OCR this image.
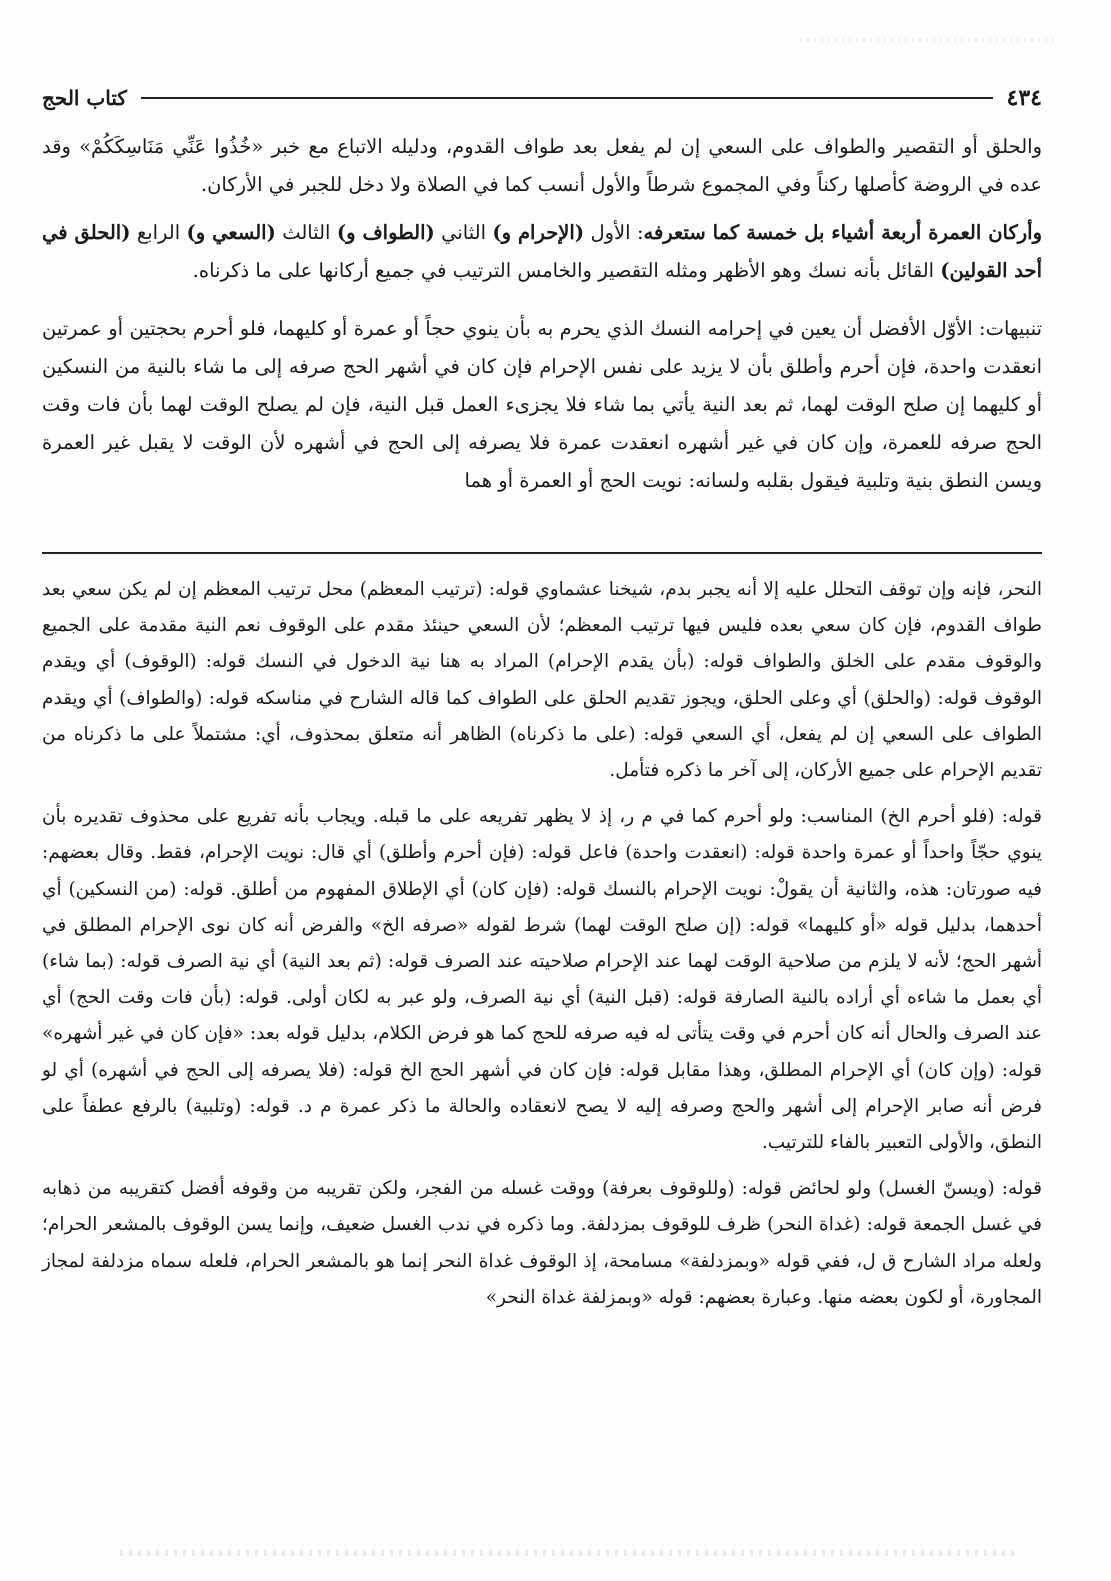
٤٣٤
كتاب الحج

والحلق أو التقصير والطواف على السعي إن لم يفعل بعد طواف القدوم، ودليله الاتباع مع خبر «خُذُوا عَنِّي مَنَاسِكَكُمْ» وقد عده في الروضة كأصلها ركناً وفي المجموع شرطاً والأول أنسب كما في الصلاة ولا دخل للجبر في الأركان.

وأركان العمرة أربعة أشياء بل خمسة كما ستعرفه: الأول (الإحرام و) الثاني (الطواف و) الثالث (السعي و) الرابع (الحلق في أحد القولين) القائل بأنه نسك وهو الأظهر ومثله التقصير والخامس الترتيب في جميع أركانها على ما ذكرناه.

تنبيهات: الأوّل الأفضل أن يعين في إحرامه النسك الذي يحرم به بأن ينوي حجاً أو عمرة أو كليهما، فلو أحرم بحجتين أو عمرتين انعقدت واحدة، فإن أحرم وأطلق بأن لا يزيد على نفس الإحرام فإن كان في أشهر الحج صرفه إلى ما شاء بالنية من النسكين أو كليهما إن صلح الوقت لهما، ثم بعد النية يأتي بما شاء فلا يجزىء العمل قبل النية، فإن لم يصلح الوقت لهما بأن فات وقت الحج صرفه للعمرة، وإن كان في غير أشهره انعقدت عمرة فلا يصرفه إلى الحج في أشهره لأن الوقت لا يقبل غير العمرة ويسن النطق بنية وتلبية فيقول بقلبه ولسانه: نويت الحج أو العمرة أو هما

النحر، فإنه وإن توقف التحلل عليه إلا أنه يجبر بدم، شيخنا عشماوي قوله: (ترتيب المعظم) محل ترتيب المعظم إن لم يكن سعي بعد طواف القدوم، فإن كان سعي بعده فليس فيها ترتيب المعظم؛ لأن السعي حينئذ مقدم على الوقوف نعم النية مقدمة على الجميع والوقوف مقدم على الخلق والطواف قوله: (بأن يقدم الإحرام) المراد به هنا نية الدخول في النسك قوله: (الوقوف) أي ويقدم الوقوف قوله: (والحلق) أي وعلى الحلق، ويجوز تقديم الحلق على الطواف كما قاله الشارح في مناسكه قوله: (والطواف) أي ويقدم الطواف على السعي إن لم يفعل، أي السعي قوله: (على ما ذكرناه) الظاهر أنه متعلق بمحذوف، أي: مشتملاً على ما ذكرناه من تقديم الإحرام على جميع الأركان، إلى آخر ما ذكره فتأمل.

قوله: (فلو أحرم الخ) المناسب: ولو أحرم كما في م ر، إذ لا يظهر تفريعه على ما قبله. ويجاب بأنه تفريع على محذوف تقديره بأن ينوي حجّاً واحداً أو عمرة واحدة قوله: (انعقدت واحدة) فاعل قوله: (فإن أحرم وأطلق) أي قال: نويت الإحرام، فقط. وقال بعضهم: فيه صورتان: هذه، والثانية أن يقولْ: نويت الإحرام بالنسك قوله: (فإن كان) أي الإطلاق المفهوم من أطلق. قوله: (من النسكين) أي أحدهما، بدليل قوله «أو كليهما» قوله: (إن صلح الوقت لهما) شرط لقوله «صرفه الخ» والفرض أنه كان نوى الإحرام المطلق في أشهر الحج؛ لأنه لا يلزم من صلاحية الوقت لهما عند الإحرام صلاحيته عند الصرف قوله: (ثم بعد النية) أي نية الصرف قوله: (بما شاء) أي بعمل ما شاءه أي أراده بالنية الصارفة قوله: (قبل النية) أي نية الصرف، ولو عبر به لكان أولى. قوله: (بأن فات وقت الحج) أي عند الصرف والحال أنه كان أحرم في وقت يتأتى له فيه صرفه للحج كما هو فرض الكلام، بدليل قوله بعد: «فإن كان في غير أشهره» قوله: (وإن كان) أي الإحرام المطلق، وهذا مقابل قوله: فإن كان في أشهر الحج الخ قوله: (فلا يصرفه إلى الحج في أشهره) أي لو فرض أنه صابر الإحرام إلى أشهر والحج وصرفه إليه لا يصح لانعقاده والحالة ما ذكر عمرة م د. قوله: (وتلبية) بالرفع عطفاً على النطق، والأولى التعبير بالفاء للترتيب.

قوله: (ويسنّ الغسل) ولو لحائض قوله: (وللوقوف بعرفة) ووقت غسله من الفجر، ولكن تقريبه من وقوفه أفضل كتقريبه من ذهابه في غسل الجمعة قوله: (غداة النحر) ظرف للوقوف بمزدلفة. وما ذكره في ندب الغسل ضعيف، وإنما يسن الوقوف بالمشعر الحرام؛ ولعله مراد الشارح ق ل، ففي قوله «وبمزدلفة» مسامحة، إذ الوقوف غداة النحر إنما هو بالمشعر الحرام، فلعله سماه مزدلفة لمجاز المجاورة، أو لكون بعضه منها. وعبارة بعضهم: قوله «وبمزلفة غداة النحر»
